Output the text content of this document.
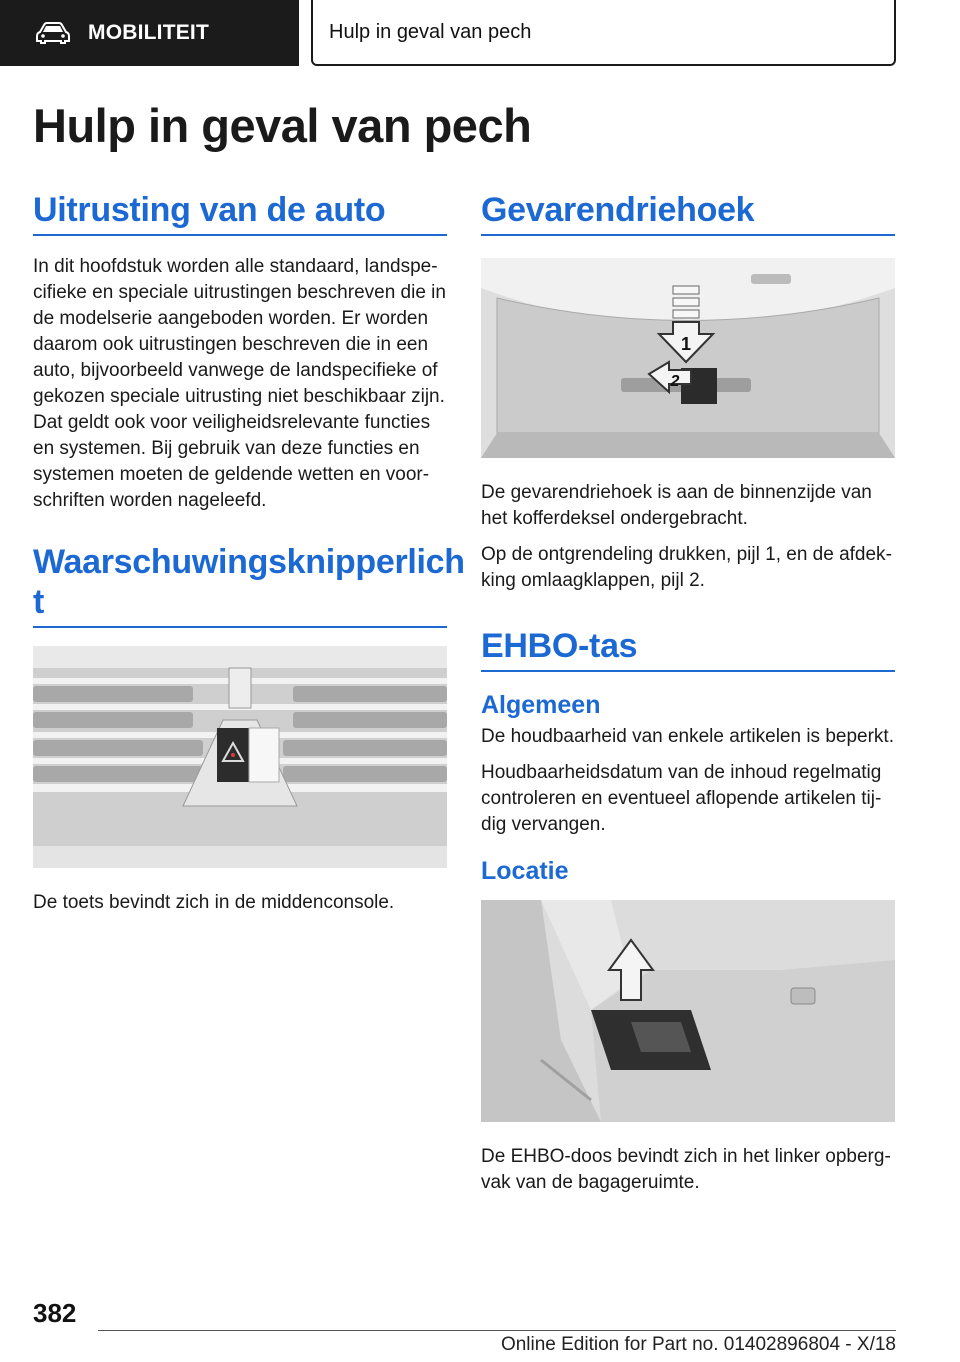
MOBILITEIT	Hulp in geval van pech
Hulp in geval van pech
Uitrusting van de auto

In dit hoofdstuk worden alle standaard, landspecifieke en speciale uitrustingen beschreven die in de modelserie aangeboden worden. Er worden daarom ook uitrustingen beschreven die in een auto, bijvoorbeeld vanwege de landspecifieke of gekozen speciale uitrusting niet beschikbaar zijn. Dat geldt ook voor veiligheidsrelevante functies en systemen. Bij gebruik van deze functies en systemen moeten de geldende wetten en voorschriften worden nageleefd.

Waarschuwingsknipperlich
t

De toets bevindt zich in de middenconsole.

Gevarendriehoek
1
2

De gevarendriehoek is aan de binnenzijde van het kofferdeksel ondergebracht.

Op de ontgrendeling drukken, pijl 1, en de afdekking omlaagklappen, pijl 2.

EHBO-tas
Algemeen

De houdbaarheid van enkele artikelen is beperkt.

Houdbaarheidsdatum van de inhoud regelmatig controleren en eventueel aflopende artikelen tijdig vervangen.

Locatie

De EHBO-doos bevindt zich in het linker opbergvak van de bagageruimte.

382
Online Edition for Part no. 01402896804 - X/18
